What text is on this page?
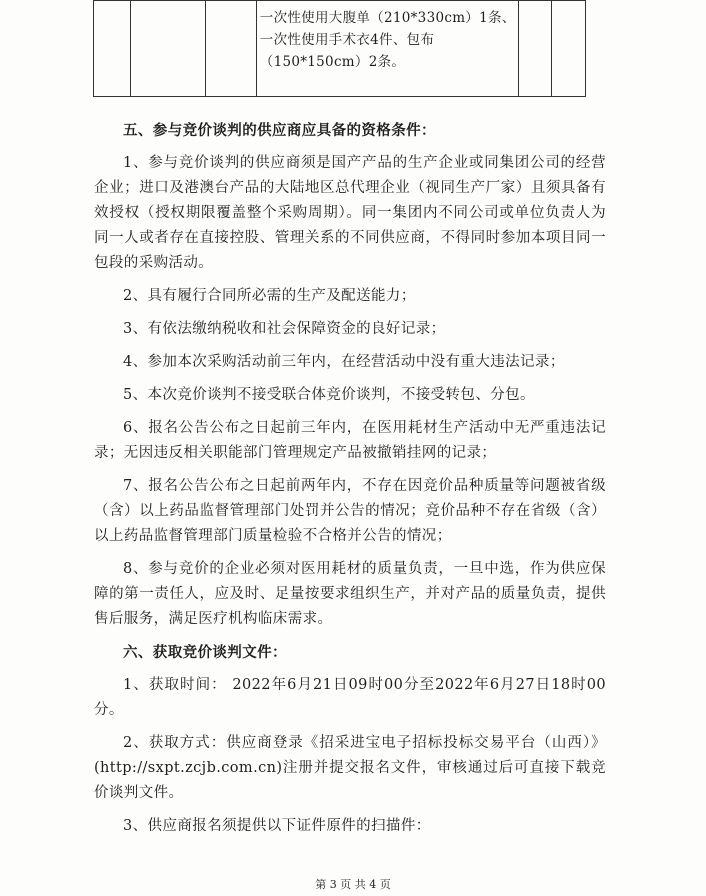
一次性使用大腹单（210*330cm）1条、
一次性使用手术衣4件、包布
（150*150cm）2条。

五、参与竞价谈判的供应商应具备的资格条件：

1、参与竞价谈判的供应商须是国产产品的生产企业或同集团公司的经营企业；进口及港澳台产品的大陆地区总代理企业（视同生产厂家）且须具备有效授权（授权期限覆盖整个采购周期）。同一集团内不同公司或单位负责人为同一人或者存在直接控股、管理关系的不同供应商，不得同时参加本项目同一包段的采购活动。

2、具有履行合同所必需的生产及配送能力；

3、有依法缴纳税收和社会保障资金的良好记录；

4、参加本次采购活动前三年内，在经营活动中没有重大违法记录；

5、本次竞价谈判不接受联合体竞价谈判，不接受转包、分包。

6、报名公告公布之日起前三年内，在医用耗材生产活动中无严重违法记录；无因违反相关职能部门管理规定产品被撤销挂网的记录；

7、报名公告公布之日起前两年内，不存在因竞价品种质量等问题被省级（含）以上药品监督管理部门处罚并公告的情况；竞价品种不存在省级（含）以上药品监督管理部门质量检验不合格并公告的情况；

8、参与竞价的企业必须对医用耗材的质量负责，一旦中选，作为供应保障的第一责任人，应及时、足量按要求组织生产，并对产品的质量负责，提供售后服务，满足医疗机构临床需求。

六、获取竞价谈判文件：

1、获取时间： 2022年6月21日09时00分至2022年6月27日18时00分。

2、获取方式：供应商登录《招采进宝电子招标投标交易平台（山西）》(http://sxpt.zcjb.com.cn)注册并提交报名文件，审核通过后可直接下载竞价谈判文件。

3、供应商报名须提供以下证件原件的扫描件：

第 3 页 共 4 页
